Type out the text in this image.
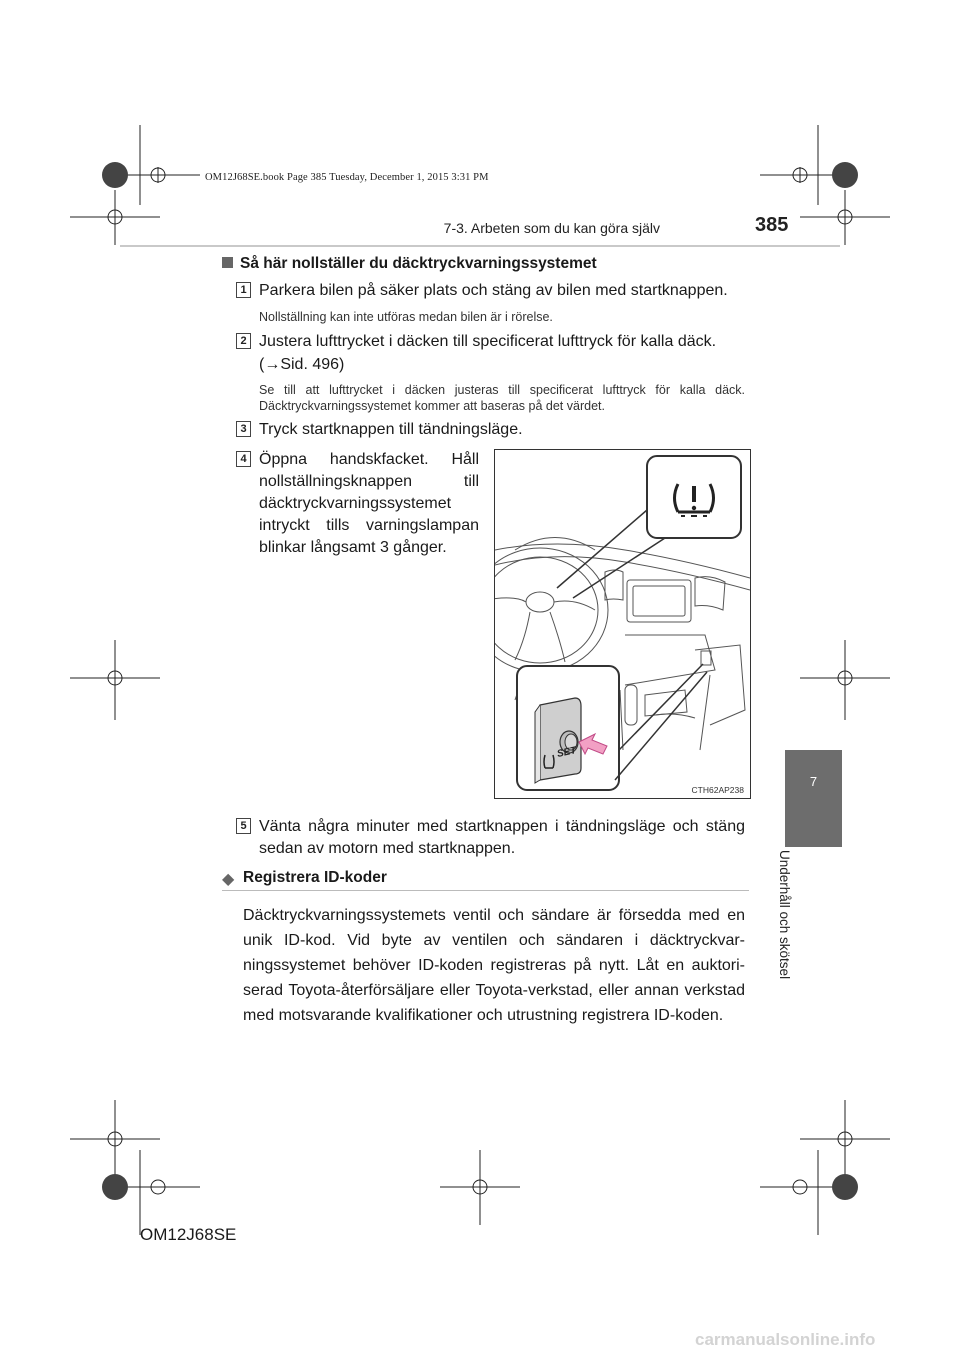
OM12J68SE.book Page 385 Tuesday, December 1, 2015 3:31 PM
7-3. Arbeten som du kan göra själv	385
7
Underhåll och skötsel
Så här nollställer du däcktryckvarningssystemet
1 Parkera bilen på säker plats och stäng av bilen med startknappen.
Nollställning kan inte utföras medan bilen är i rörelse.
2 Justera lufttrycket i däcken till specificerat lufttryck för kalla däck.
(→Sid. 496)
Se till att lufttrycket i däcken justeras till specificerat lufttryck för kalla däck. Däcktryckvarningssystemet kommer att baseras på det värdet.
3 Tryck startknappen till tändningsläge.
4 Öppna handskfacket. Håll nollställningsknappen till däcktryckvarningssystemet intryckt tills varningslampan blinkar långsamt 3 gånger.
SET
CTH62AP238
5 Vänta några minuter med startknappen i tändningsläge och stäng sedan av motorn med startknappen.
◆ Registrera ID-koder
Däcktryckvarningssystemets ventil och sändare är försedda med en unik ID-kod. Vid byte av ventilen och sändaren i däcktryckvar-ningssystemet behöver ID-koden registreras på nytt. Låt en auktori-serad Toyota-återförsäljare eller Toyota-verkstad, eller annan verkstad med motsvarande kvalifikationer och utrustning registrera ID-koden.
OM12J68SE
carmanualsonline.info
